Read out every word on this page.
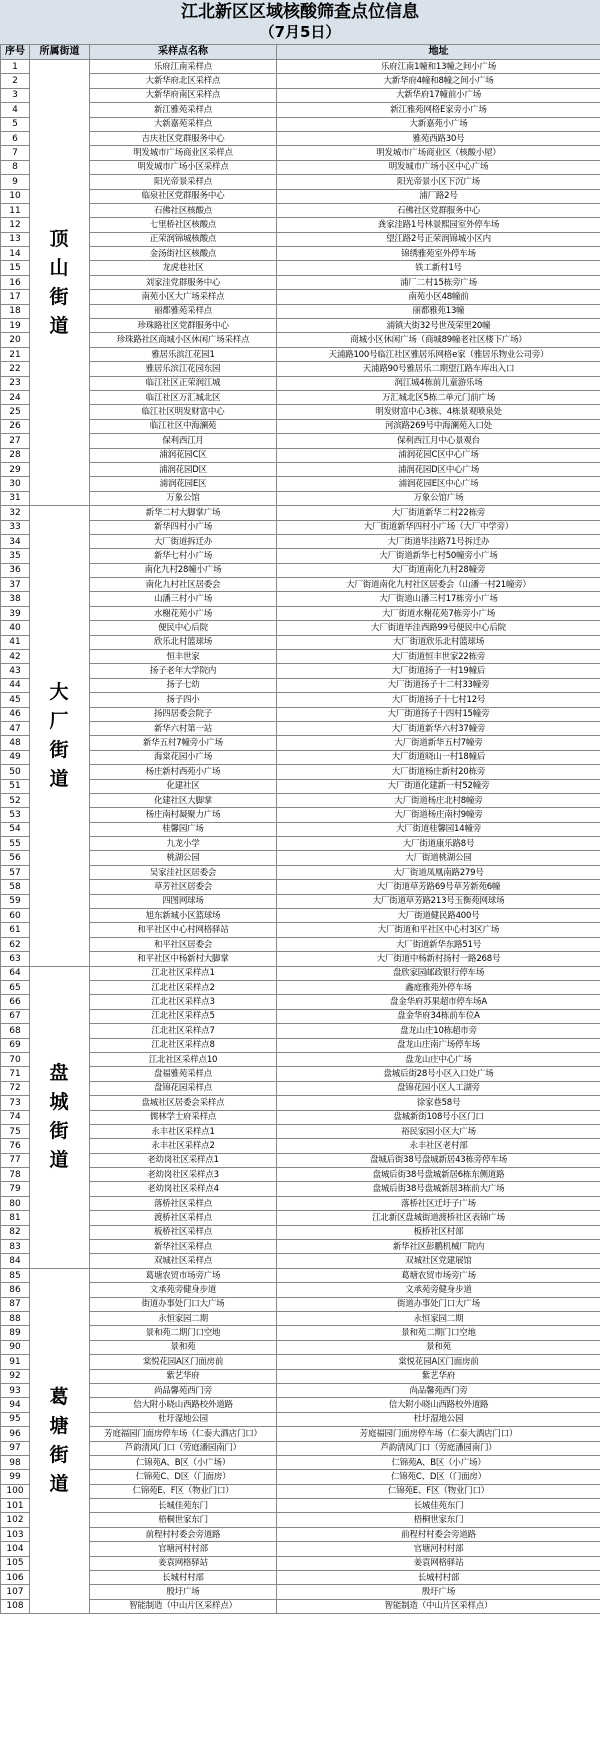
江北新区区域核酸筛查点位信息
（7月5日）
序号	所属街道	采样点名称	地址
1	顶山街道	乐府江南采样点	乐府江南1幢和13幢之间小广场
2		大新华府北区采样点	大新华府4幢和8幢之间小广场
3		大新华府南区采样点	大新华府17幢前小广场
4		新江雅苑采样点	新江雅苑网格E家旁小广场
5		大新嘉苑采样点	大新嘉苑小广场
6		吉庆社区党群服务中心	雅苑西路30号
7		明发城市广场商业区采样点	明发城市广场商业区（核酸小屋）
8		明发城市广场小区采样点	明发城市广场小区中心广场
9		阳光帝景采样点	阳光帝景小区下沉广场
10		临泉社区党群服务中心	浦厂路2号
11		石佛社区核酸点	石佛社区党群服务中心
12		七里桥社区核酸点	龚家洼路1号林景熙园室外停车场
13		正荣润锦城核酸点	望江路2号正荣润锦城小区内
14		金汤街社区核酸点	锦绣雅苑室外停车场
15		龙虎巷社区	铁工新村1号
16		刘家洼党群服务中心	浦厂二村15栋旁广场
17		南苑小区大广场采样点	南苑小区48幢前
18		丽都雅苑采样点	丽都雅苑13幢
19		珍珠路社区党群服务中心	浦镇大街32号世茂荣里20幢
20		珍珠路社区商城小区休闲广场采样点	商城小区休闲广场（商城89幢老社区楼下广场）
21		雅居乐滨江花园1	天浦路100号临江社区雅居乐网格e家（雅居乐物业公司旁）
22		雅居乐滨江花园东园	天浦路90号雅居乐二期望江路车库出入口
23		临江社区正荣润江城	润江城4栋前儿童游乐场
24		临江社区万汇城北区	万汇城北区5栋二单元门前广场
25		临江社区明发财富中心	明发财富中心3栋、4栋景观喷泉处
26		临江社区中海澜苑	河滨路269号中海澜苑入口处
27		保利西江月	保利西江月中心景观台
28		浦润花园C区	浦润花园C区中心广场
29		浦润花园D区	浦润花园D区中心广场
30		浦润花园E区	浦润花园E区中心广场
31		万象公馆	万象公馆广场
32	大厂街道	新华二村大脚掌广场	大厂街道新华二村22栋旁
33		新华四村小广场	大厂街道新华四村小广场（大厂中学旁）
34		大厂街道拆迁办	大厂街道毕洼路71号拆迁办
35		新华七村小广场	大厂街道新华七村50幢旁小广场
36		南化九村28幢小广场	大厂街道南化九村28幢旁
37		南化九村社区居委会	大厂街道南化九村社区居委会（山潘一村21幢旁）
38		山潘三村小广场	大厂街道山潘三村17栋旁小广场
39		水榭花苑小广场	大厂街道水榭花苑7栋旁小广场
40		便民中心后院	大厂街道毕洼西路99号便民中心后院
41		欣乐北村篮球场	大厂街道欣乐北村篮球场
42		恒丰世家	大厂街道恒丰世家22栋旁
43		扬子老年大学院内	大厂街道扬子一村19幢后
44		扬子七幼	大厂街道扬子十二村33幢旁
45		扬子四小	大厂街道扬子十七村12号
46		扬四居委会院子	大厂街道扬子十四村15幢旁
47		新华六村第一站	大厂街道新华六村37幢旁
48		新华五村7幢旁小广场	大厂街道新华五村7幢旁
49		海棠花园小广场	大厂街道晓山一村18幢后
50		杨庄新村西苑小广场	大厂街道杨庄新村20栋旁
51		化建社区	大厂街道化建新一村52幢旁
52		化建社区大脚掌	大厂街道杨庄北村8幢旁
53		杨庄南村凝聚力广场	大厂街道杨庄南村9幢旁
54		桂馨园广场	大厂街道桂馨园14幢旁
55		九龙小学	大厂街道康乐路8号
56		桃湖公园	大厂街道桃湖公园
57		吴家洼社区居委会	大厂街道凤凰南路279号
58		草芳社区居委会	大厂街道草芳路69号草芳新苑6幢
59		四图网球场	大厂街道草芳路213号玉衡苑网球场
60		旭东新城小区篮球场	大厂街道健民路400号
61		和平社区中心村网格驿站	大厂街道和平社区中心村3区广场
62		和平社区居委会	大厂街道新华东路51号
63		和平社区中杨新村大脚掌	大厂街道中杨新村扬村一路268号
64	盘城街道	江北社区采样点1	盘欣家园邮政银行停车场
65		江北社区采样点2	鑫庭雅苑外停车场
66		江北社区采样点3	盘金华府苏果超市停车场A
67		江北社区采样点5	盘金华府34栋前车位A
68		江北社区采样点7	盘龙山庄10栋超市旁
69		江北社区采样点8	盘龙山庄南广场停车场
70		江北社区采样点10	盘龙山庄中心广场
71		盘福雅苑采样点	盘城后街28号小区入口处广场
72		盘锦花园采样点	盘锦花园小区人工湖旁
73		盘城社区居委会采样点	徐家巷58号
74		儒林学士府采样点	盘城新街108号小区门口
75		永丰社区采样点1	裕民家园小区大广场
76		永丰社区采样点2	永丰社区老村部
77		老幼岗社区采样点1	盘城后街38号盘城新居43栋旁停车场
78		老幼岗社区采样点3	盘城后街38号盘城新居6栋东侧道路
79		老幼岗社区采样点4	盘城后街38号盘城新居3栋前大广场
80		落桥社区采样点	落桥社区迁圩子广场
81		渡桥社区采样点	江北新区盘城街道渡桥社区表锦广场
82		板桥社区采样点	板桥社区村部
83		新华社区采样点	新华社区彭鹏机械厂院内
84		双城社区采样点	双城社区党建展馆
85	葛塘街道	葛塘农贸市场旁广场	葛塘农贸市场旁广场
86		文承苑旁健身步道	文承苑旁健身步道
87		街道办事处门口大广场	街道办事处门口大广场
88		永恒家园二期	永恒家园二期
89		景和苑二期门口空地	景和苑二期门口空地
90		景和苑	景和苑
91		棠悦花园A区门面房前	棠悦花园A区门面房前
92		紫艺华府	紫艺华府
93		尚品馨苑西门旁	尚品馨苑西门旁
94		信大附小晓山西路校外道路	信大附小晓山西路校外道路
95		杜圩湿地公园	杜圩湿地公园
96		芳庭福园门面房停车场（仁泰大酒店门口）	芳庭福园门面房停车场（仁泰大酒店门口）
97		芦韵清风门口（劳庭潘园南门）	芦韵清风门口（劳庭潘园南门）
98		仁锦苑A、B区（小广场）	仁锦苑A、B区（小广场）
99		仁锦苑C、D区（门面房）	仁锦苑C、D区（门面房）
100		仁锦苑E、F区（物业门口）	仁锦苑E、F区（物业门口）
101		长城佳苑东门	长城佳苑东门
102		梧桐世家东门	梧桐世家东门
103		前程村村委会旁道路	前程村村委会旁道路
104		官塘河村村部	官塘河村村部
105		姜袁网格驿站	姜袁网格驿站
106		长城村村部	长城村村部
107		殷圩广场	殷圩广场
108		智能制造（中山片区采样点）	智能制造（中山片区采样点）
